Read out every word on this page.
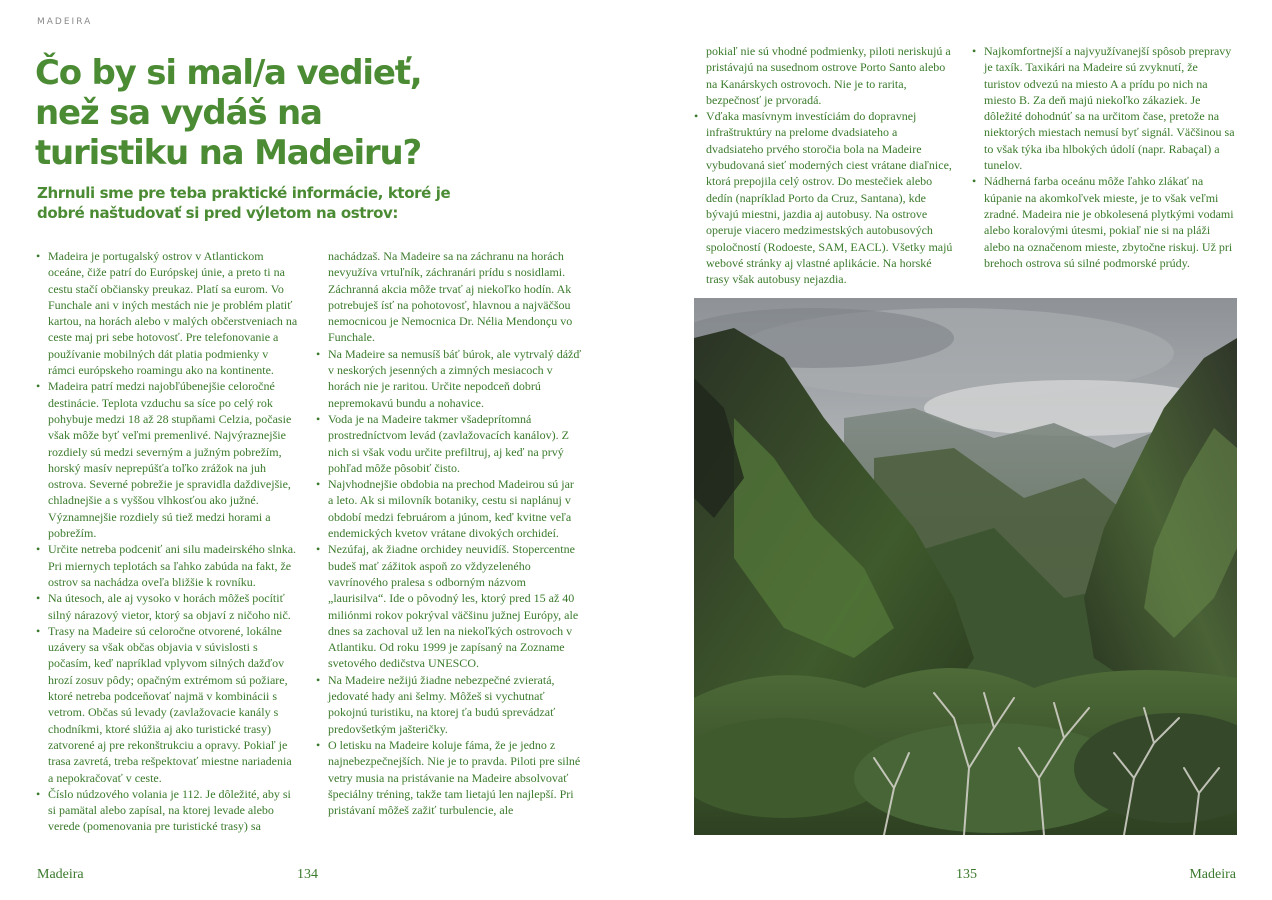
MADEIRA
Čo by si mal/a vedieť, než sa vydáš na turistiku na Madeiru?
Zhrnuli sme pre teba praktické informácie, ktoré je dobré naštudovať si pred výletom na ostrov:
• Madeira je portugalský ostrov v Atlantickom oceáne, čiže patrí do Európskej únie, a preto ti na cestu stačí občiansky preukaz. Platí sa eurom. Vo Funchale ani v iných mestách nie je problém platiť kartou, na horách alebo v malých občerstveniach na ceste maj pri sebe hotovosť. Pre telefonovanie a používanie mobilných dát platia podmienky v rámci európskeho roamingu ako na kontinente.
• Madeira patrí medzi najobľúbenejšie celoročné destinácie. Teplota vzduchu sa síce po celý rok pohybuje medzi 18 až 28 stupňami Celzia, počasie však môže byť veľmi premenlivé. Najvýraznejšie rozdiely sú medzi severným a južným pobrežím, horský masív neprepúšťa toľko zrážok na juh ostrova. Severné pobrežie je spravidla daždivejšie, chladnejšie a s vyššou vlhkosťou ako južné. Významnejšie rozdiely sú tiež medzi horami a pobrežím.
• Určite netreba podceniť ani silu madeirského slnka. Pri miernych teplotách sa ľahko zabúda na fakt, že ostrov sa nachádza oveľa bližšie k rovníku.
• Na útesoch, ale aj vysoko v horách môžeš pocítiť silný nárazový vietor, ktorý sa objaví z ničoho nič.
• Trasy na Madeire sú celoročne otvorené, lokálne uzávery sa však občas objavia v súvislosti s počasím, keď napríklad vplyvom silných dažďov hrozí zosuv pôdy; opačným extrémom sú požiare, ktoré netreba podceňovať najmä v kombinácii s vetrom. Občas sú levady (zavlažovacie kanály s chodníkmi, ktoré slúžia aj ako turistické trasy) zatvorené aj pre rekonštrukciu a opravy. Pokiaľ je trasa zavretá, treba rešpektovať miestne nariadenia a nepokračovať v ceste.
• Číslo núdzového volania je 112. Je dôležité, aby si si pamätal alebo zapísal, na ktorej levade alebo verede (pomenovania pre turistické trasy) sa
nachádzaš. Na Madeire sa na záchranu na horách nevyužíva vrtuľník, záchranári prídu s nosidlami. Záchranná akcia môže trvať aj niekoľko hodín. Ak potrebuješ ísť na pohotovosť, hlavnou a najväčšou nemocnicou je Nemocnica Dr. Nélia Mendonçu vo Funchale.
• Na Madeire sa nemusíš báť búrok, ale vytrvalý dážď v neskorých jesenných a zimných mesiacoch v horách nie je raritou. Určite nepodceň dobrú nepremokavú bundu a nohavice.
• Voda je na Madeire takmer všadeprítomná prostredníctvom levád (zavlažovacích kanálov). Z nich si však vodu určite prefiltruj, aj keď na prvý pohľad môže pôsobiť čisto.
• Najvhodnejšie obdobia na prechod Madeirou sú jar a leto. Ak si milovník botaniky, cestu si naplánuj v období medzi februárom a júnom, keď kvitne veľa endemických kvetov vrátane divokých orchideí.
• Nezúfaj, ak žiadne orchidey neuvidíš. Stopercentne budeš mať zážitok aspoň zo vždyzeleného vavrínového pralesa s odborným názvom „laurisilva“. Ide o pôvodný les, ktorý pred 15 až 40 miliónmi rokov pokrýval väčšinu južnej Európy, ale dnes sa zachoval už len na niekoľkých ostrovoch v Atlantiku. Od roku 1999 je zapísaný na Zozname svetového dedičstva UNESCO.
• Na Madeire nežijú žiadne nebezpečné zvieratá, jedovaté hady ani šelmy. Môžeš si vychutnať pokojnú turistiku, na ktorej ťa budú sprevádzať predovšetkým jašteričky.
• O letisku na Madeire koluje fáma, že je jedno z najnebezpečnejších. Nie je to pravda. Piloti pre silné vetry musia na pristávanie na Madeire absolvovať špeciálny tréning, takže tam lietajú len najlepší. Pri pristávaní môžeš zažiť turbulencie, ale
Madeira	134
pokiaľ nie sú vhodné podmienky, piloti neriskujú a pristávajú na susednom ostrove Porto Santo alebo na Kanárskych ostrovoch. Nie je to rarita, bezpečnosť je prvoradá.
• Vďaka masívnym investíciám do dopravnej infraštruktúry na prelome dvadsiateho a dvadsiateho prvého storočia bola na Madeire vybudovaná sieť moderných ciest vrátane diaľnice, ktorá prepojila celý ostrov. Do mestečiek alebo dedín (napríklad Porto da Cruz, Santana), kde bývajú miestni, jazdia aj autobusy. Na ostrove operuje viacero medzimestských autobusových spoločností (Rodoeste, SAM, EACL). Všetky majú webové stránky aj vlastné aplikácie. Na horské trasy však autobusy nejazdia.
• Najkomfortnejší a najvyužívanejší spôsob prepravy je taxík. Taxikári na Madeire sú zvyknutí, že turistov odvezú na miesto A a prídu po nich na miesto B. Za deň majú niekoľko zákaziek. Je dôležité dohodnúť sa na určitom čase, pretože na niektorých miestach nemusí byť signál. Väčšinou sa to však týka iba hlbokých údolí (napr. Rabaçal) a tunelov.
• Nádherná farba oceánu môže ľahko zlákať na kúpanie na akomkoľvek mieste, je to však veľmi zradné. Madeira nie je obkolesená plytkými vodami alebo koralovými útesmi, pokiaľ nie si na pláži alebo na označenom mieste, zbytočne riskuj. Už pri brehoch ostrova sú silné podmorské prúdy.
135	Madeira
